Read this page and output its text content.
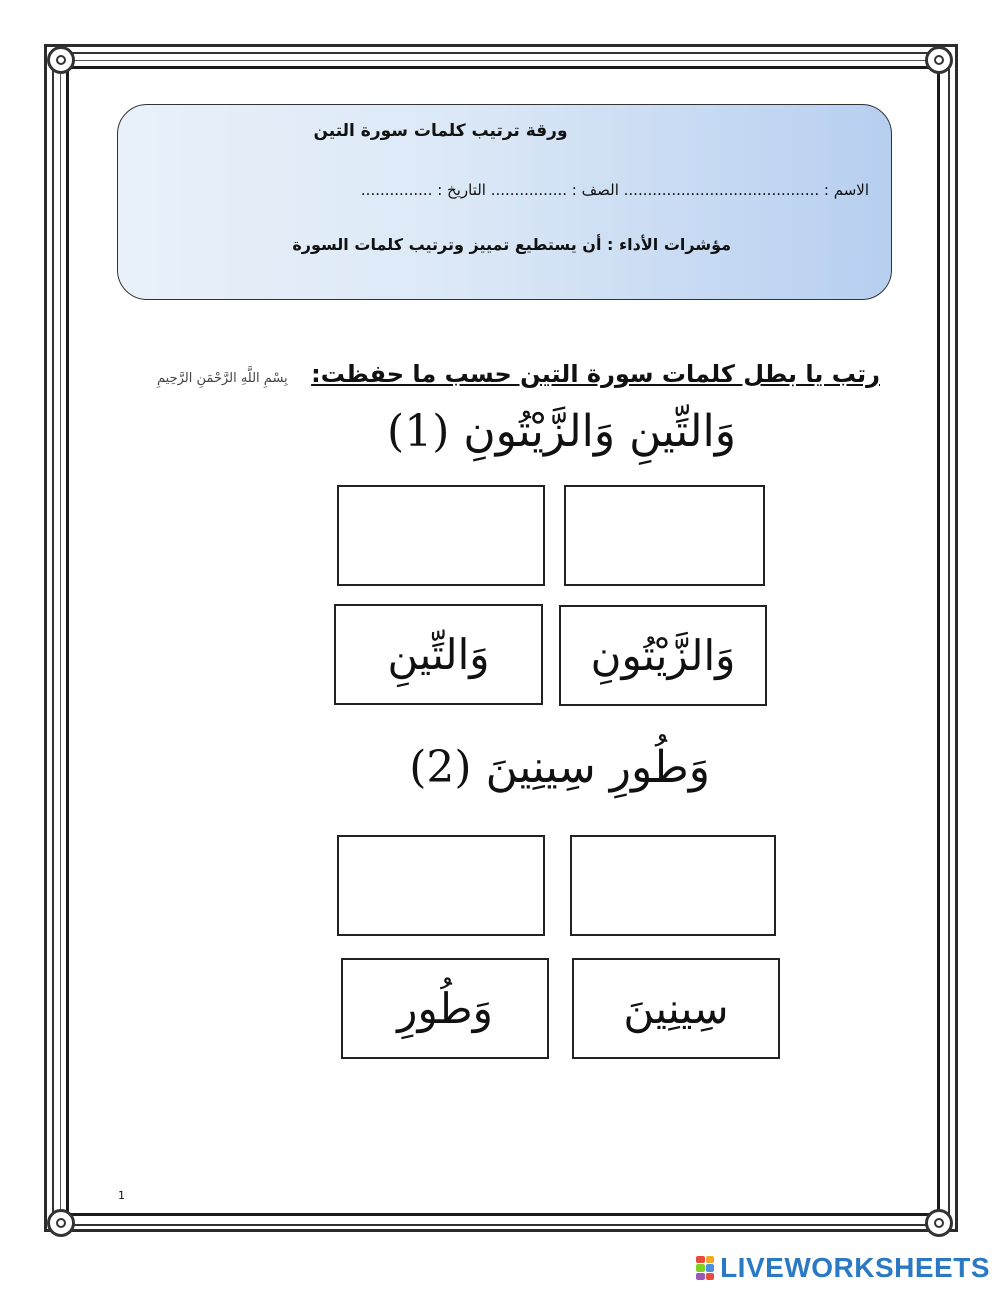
ورقة ترتيب كلمات سورة التين
الاسم : ......................................... الصف : ................ التاريخ : ...............
مؤشرات الأداء : أن يستطيع تمييز وترتيب كلمات السورة
رتب يا بطل كلمات سورة التين حسب ما حفظت:
بِسْمِ اللَّهِ الرَّحْمَنِ الرَّحِيمِ
وَالتِّينِ وَالزَّيْتُونِ (1)
وَالتِّينِ	وَالزَّيْتُونِ
وَطُورِ سِينِينَ (2)
وَطُورِ	سِينِينَ
1
LIVEWORKSHEETS
